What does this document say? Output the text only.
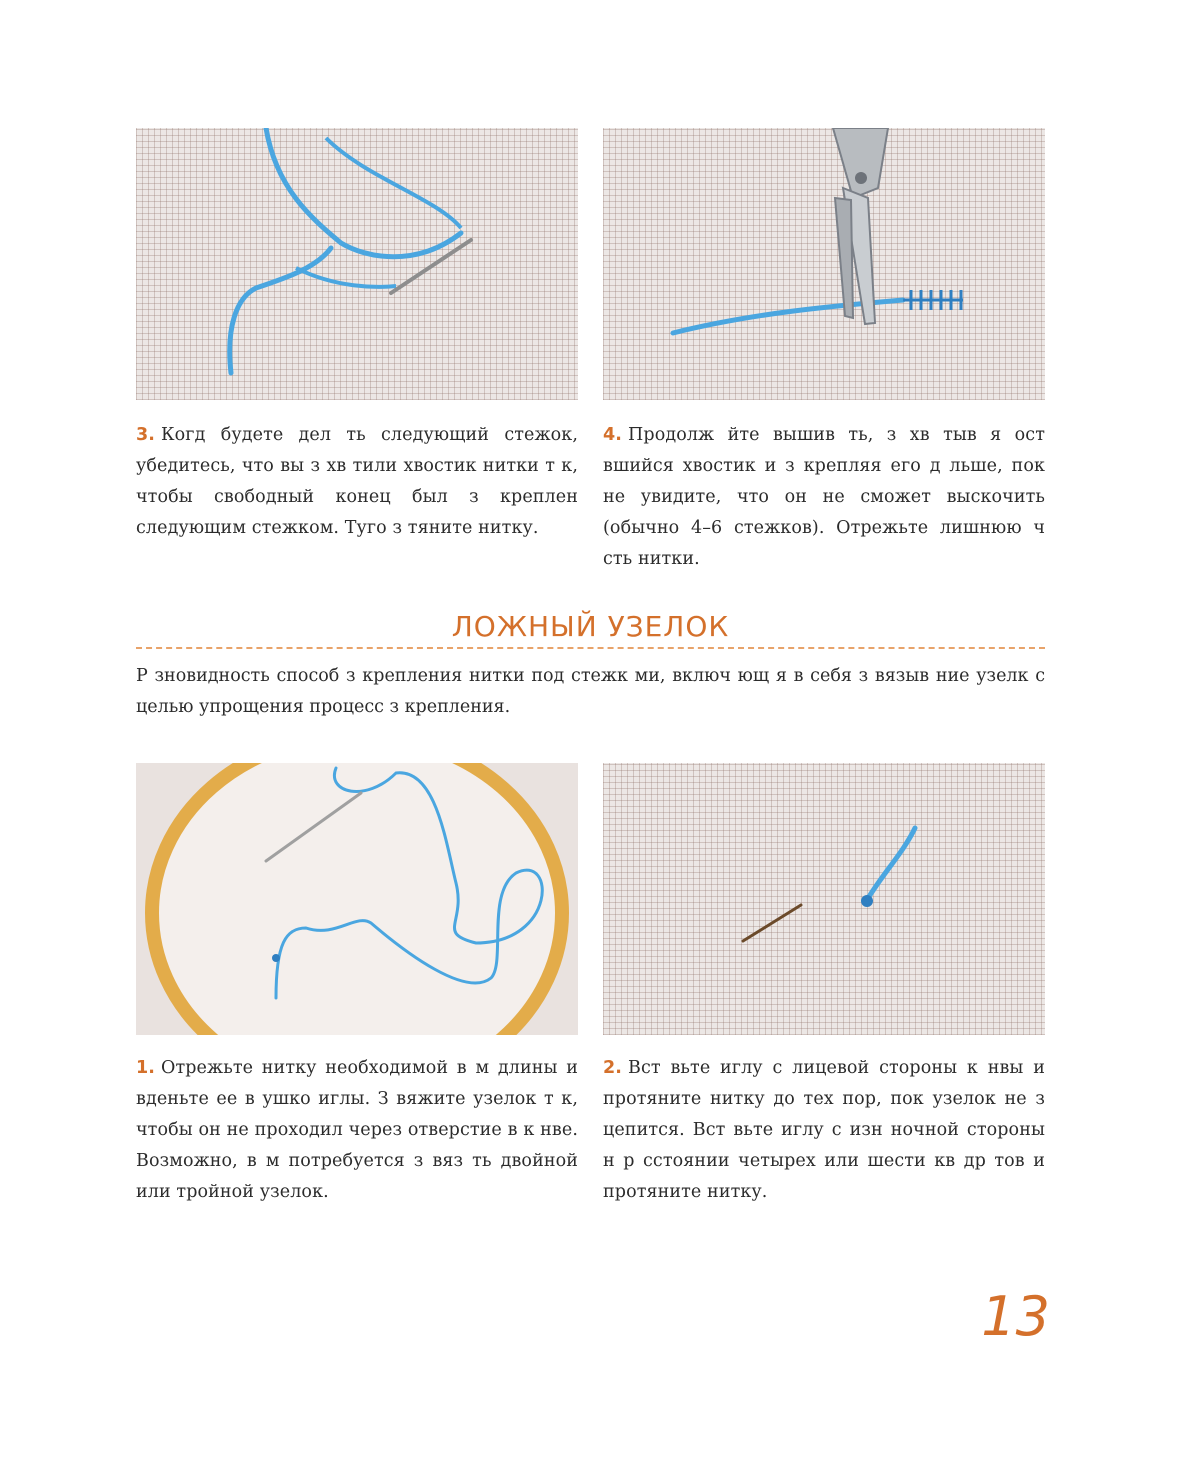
3. Когд будете дел ть следующий стежок, убедитесь, что вы з хв тили хвостик нитки т к, чтобы свободный конец был з креплен следующим стежком. Туго з тяните нитку.

4. Продолж йте вышив ть, з хв тыв я ост вшийся хвостик и з крепляя его д льше, пок не увидите, что он не сможет выскочить (обычно 4–6 стежков). Отрежьте лишнюю ч сть нитки.

ЛОЖНЫЙ УЗЕЛОК

Р зновидность способ з крепления нитки под стежк ми, включ ющ я в себя з вязыв ние узелк с целью упрощения процесс з крепления.

1. Отрежьте нитку необходимой в м длины и вденьте ее в ушко иглы. З вяжите узелок т к, чтобы он не проходил через отверстие в к нве. Возможно, в м потребуется з вяз ть двойной или тройной узелок.

2. Вст вьте иглу с лицевой стороны к нвы и протяните нитку до тех пор, пок узелок не з цепится. Вст вьте иглу с изн ночной стороны н р сстоянии четырех или шести кв др тов и протяните нитку.

13
